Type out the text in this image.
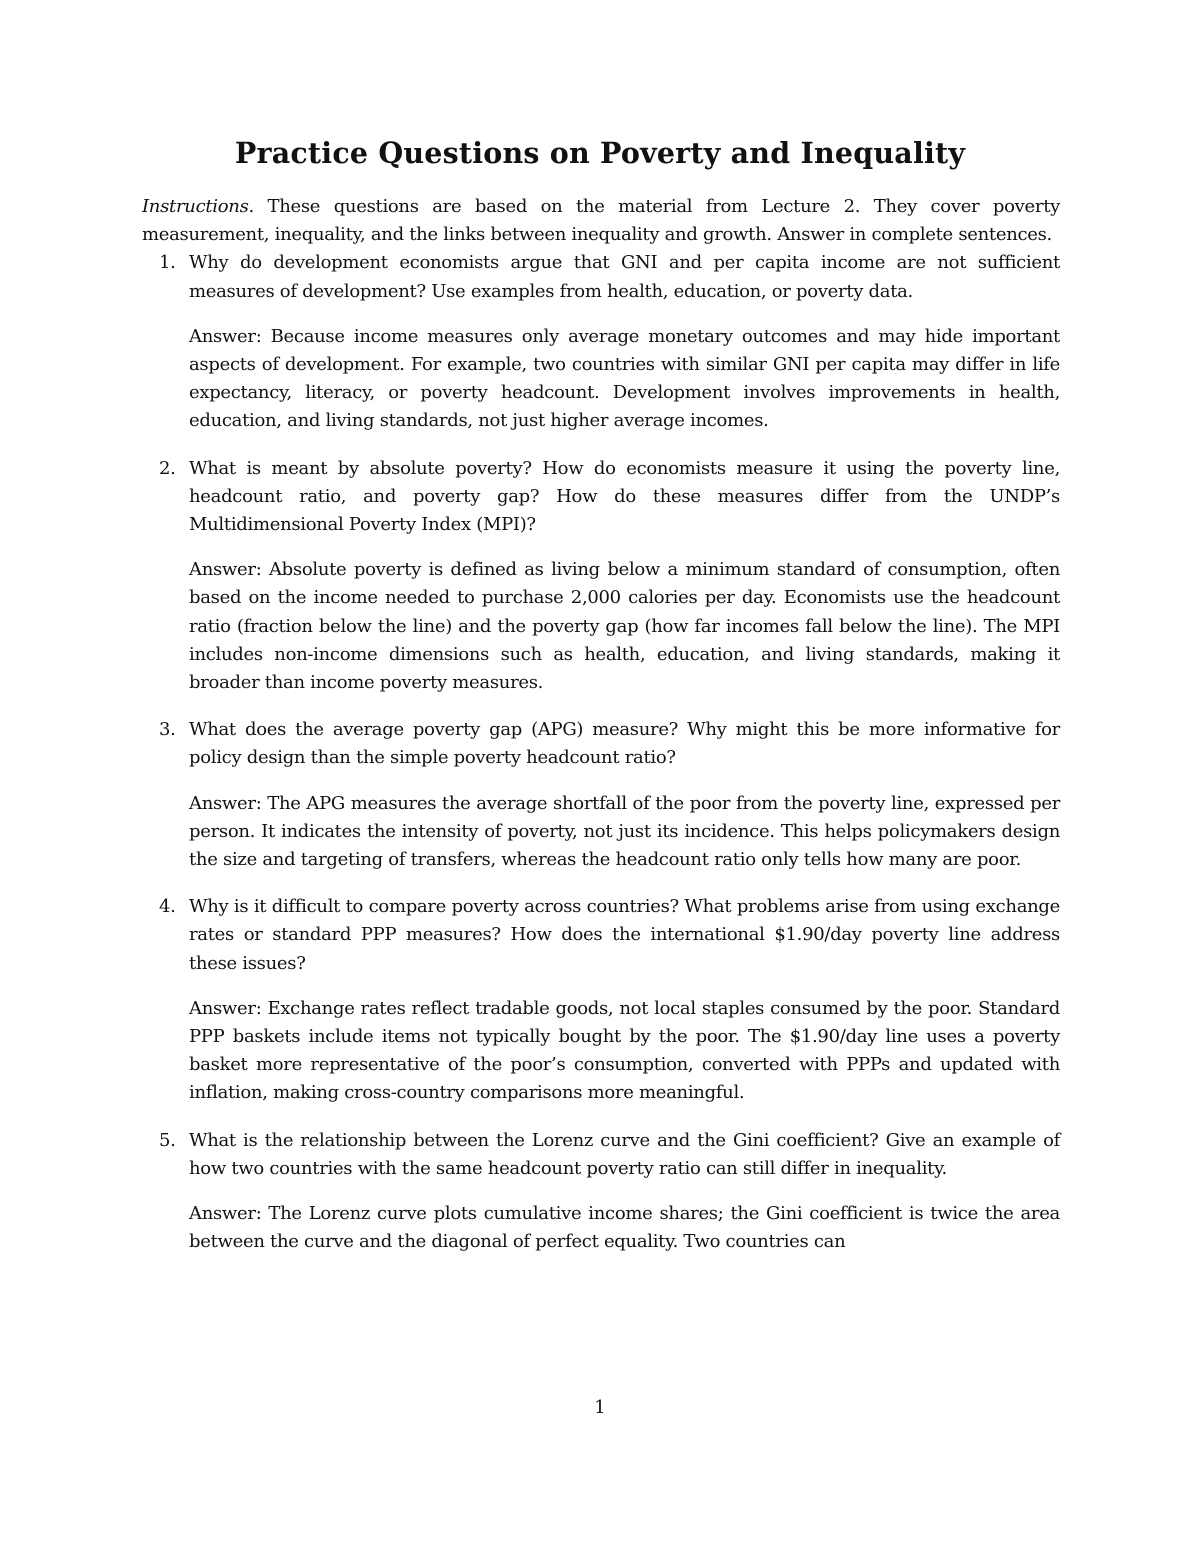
Practice Questions on Poverty and Inequality

Instructions. These questions are based on the material from Lecture 2. They cover poverty measurement, inequality, and the links between inequality and growth. Answer in complete sentences.

1. Why do development economists argue that GNI and per capita income are not sufficient measures of development? Use examples from health, education, or poverty data.

Answer: Because income measures only average monetary outcomes and may hide important aspects of development. For example, two countries with similar GNI per capita may differ in life expectancy, literacy, or poverty headcount. Development involves improvements in health, education, and living standards, not just higher average incomes.

2. What is meant by absolute poverty? How do economists measure it using the poverty line, headcount ratio, and poverty gap? How do these measures differ from the UNDP’s Multidimensional Poverty Index (MPI)?

Answer: Absolute poverty is defined as living below a minimum standard of consumption, often based on the income needed to purchase 2,000 calories per day. Economists use the headcount ratio (fraction below the line) and the poverty gap (how far incomes fall below the line). The MPI includes non-income dimensions such as health, education, and living standards, making it broader than income poverty measures.

3. What does the average poverty gap (APG) measure? Why might this be more informative for policy design than the simple poverty headcount ratio?

Answer: The APG measures the average shortfall of the poor from the poverty line, expressed per person. It indicates the intensity of poverty, not just its incidence. This helps policymakers design the size and targeting of transfers, whereas the headcount ratio only tells how many are poor.

4. Why is it difficult to compare poverty across countries? What problems arise from using exchange rates or standard PPP measures? How does the international $1.90/day poverty line address these issues?

Answer: Exchange rates reflect tradable goods, not local staples consumed by the poor. Standard PPP baskets include items not typically bought by the poor. The $1.90/day line uses a poverty basket more representative of the poor’s consumption, converted with PPPs and updated with inflation, making cross-country comparisons more meaningful.

5. What is the relationship between the Lorenz curve and the Gini coefficient? Give an example of how two countries with the same headcount poverty ratio can still differ in inequality.

Answer: The Lorenz curve plots cumulative income shares; the Gini coefficient is twice the area between the curve and the diagonal of perfect equality. Two countries can

1
